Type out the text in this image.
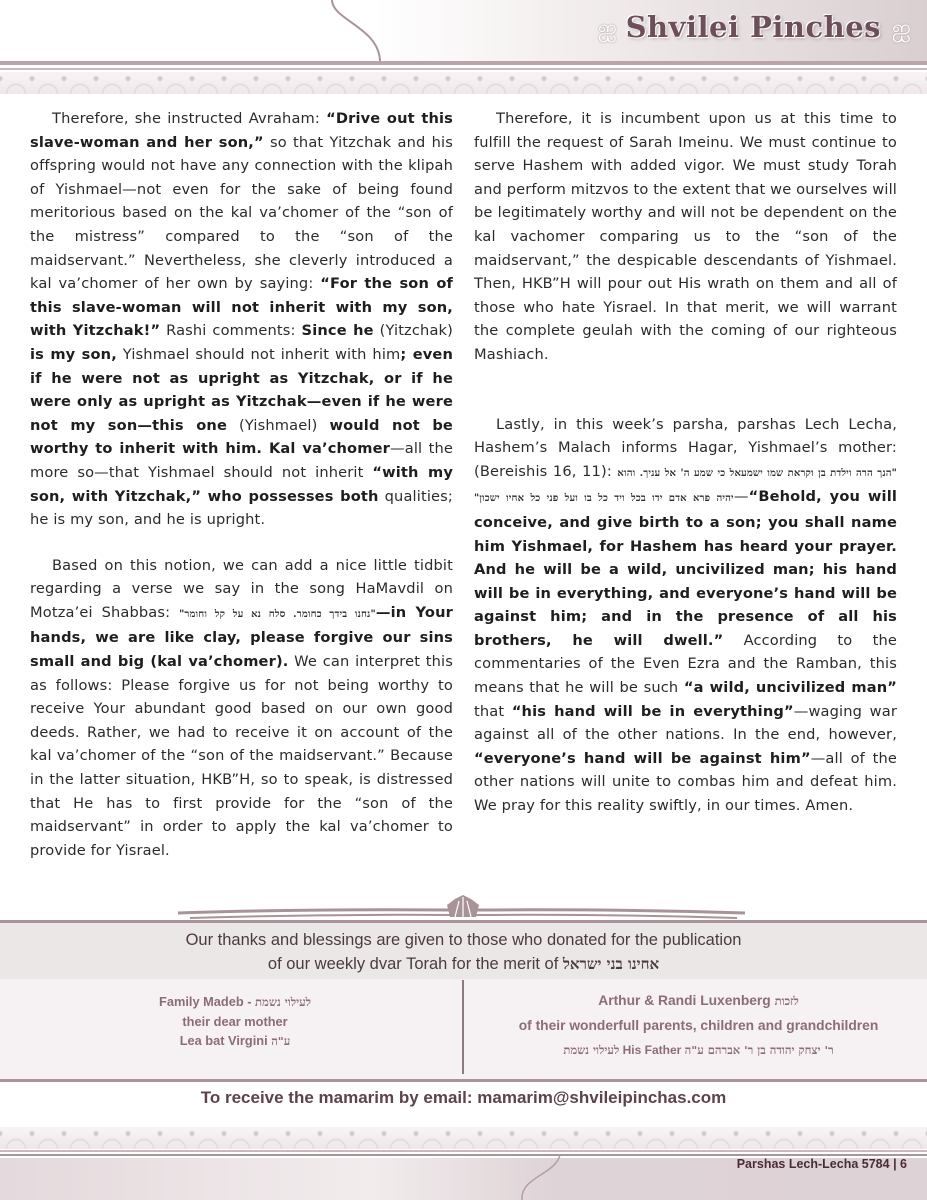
ஐ Shvilei Pinches ஐ

Therefore, she instructed Avraham: “Drive out this slave-woman and her son,” so that Yitzchak and his offspring would not have any connection with the klipah of Yishmael—not even for the sake of being found meritorious based on the kal va’chomer of the “son of the mistress” compared to the “son of the maidservant.” Nevertheless, she cleverly introduced a kal va’chomer of her own by saying: “For the son of this slave-woman will not inherit with my son, with Yitzchak!” Rashi comments: Since he (Yitzchak) is my son, Yishmael should not inherit with him; even if he were not as upright as Yitzchak, or if he were only as upright as Yitzchak—even if he were not my son—this one (Yishmael) would not be worthy to inherit with him. Kal va’chomer—all the more so—that Yishmael should not inherit “with my son, with Yitzchak,” who possesses both qualities; he is my son, and he is upright.

Based on this notion, we can add a nice little tidbit regarding a verse we say in the song HaMavdil on Motza’ei Shabbas: "נחנו בידך כחומר. סלח נא על קל וחומר"—in Your hands, we are like clay, please forgive our sins small and big (kal va’chomer). We can interpret this as follows: Please forgive us for not being worthy to receive Your abundant good based on our own good deeds. Rather, we had to receive it on account of the kal va’chomer of the “son of the maidservant.” Because in the latter situation, HKB”H, so to speak, is distressed that He has to first provide for the “son of the maidservant” in order to apply the kal va’chomer to provide for Yisrael.

Therefore, it is incumbent upon us at this time to fulfill the request of Sarah Imeinu. We must continue to serve Hashem with added vigor. We must study Torah and perform mitzvos to the extent that we ourselves will be legitimately worthy and will not be dependent on the kal vachomer comparing us to the “son of the maidservant,” the despicable descendants of Yishmael. Then, HKB”H will pour out His wrath on them and all of those who hate Yisrael. In that merit, we will warrant the complete geulah with the coming of our righteous Mashiach.

Lastly, in this week’s parsha, parshas Lech Lecha, Hashem’s Malach informs Hagar, Yishmael’s mother: (Bereishis 16, 11): "הנך הרה וילדת בן וקראת שמו ישמעאל כי שמע ה' אל עניך. והוא יהיה פרא אדם ידו בכל ויד כל בו ועל פני כל אחיו ישכון"—“Behold, you will conceive, and give birth to a son; you shall name him Yishmael, for Hashem has heard your prayer. And he will be a wild, uncivilized man; his hand will be in everything, and everyone’s hand will be against him; and in the presence of all his brothers, he will dwell.” According to the commentaries of the Even Ezra and the Ramban, this means that he will be such “a wild, uncivilized man” that “his hand will be in everything”—waging war against all of the other nations. In the end, however, “everyone’s hand will be against him”—all of the other nations will unite to combas him and defeat him. We pray for this reality swiftly, in our times. Amen.

Our thanks and blessings are given to those who donated for the publication
of our weekly dvar Torah for the merit of אחינו בני ישראל
Family Madeb - לעילוי נשמת
their dear mother
Lea bat Virgini ע"ה
Arthur & Randi Luxenberg לזכות
of their wonderfull parents, children and grandchildren
לעילוי נשמת His Father ר' יצחק יהודה בן ר' אברהם ע"ה
To receive the mamarim by email: mamarim@shvileipinchas.com
Parshas Lech-Lecha 5784 | 6
